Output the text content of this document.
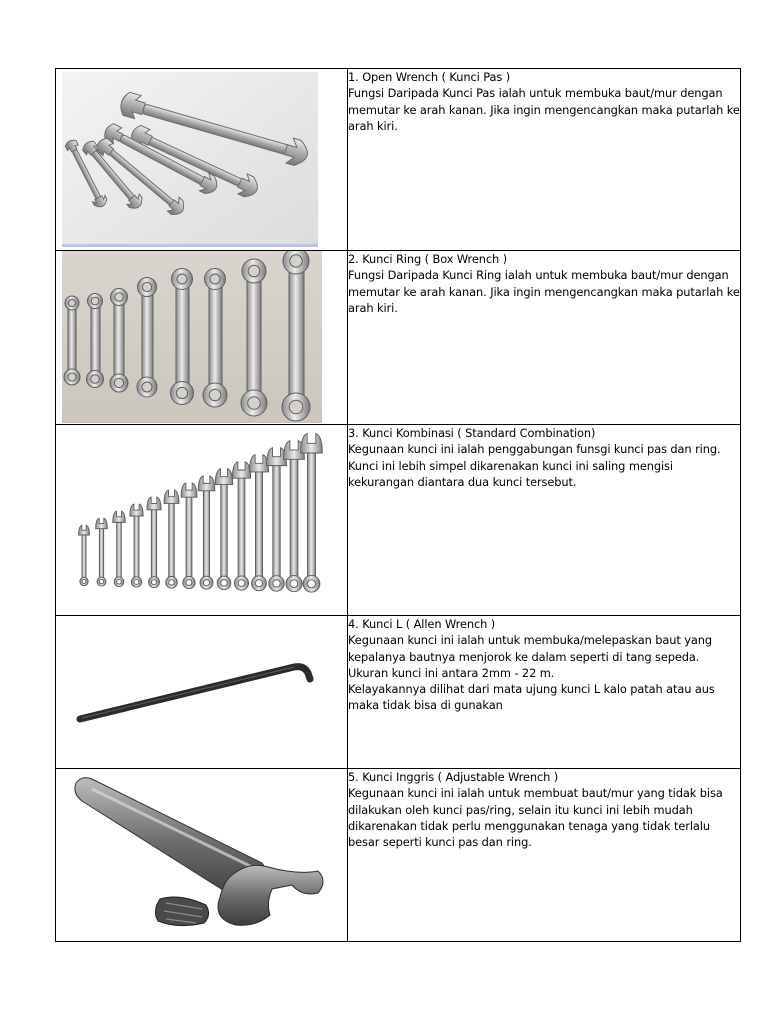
1. Open Wrench ( Kunci Pas )

Fungsi Daripada Kunci Pas ialah untuk membuka baut/mur dengan memutar ke arah kanan. Jika ingin mengencangkan maka putarlah ke arah kiri.

2. Kunci Ring ( Box Wrench )

Fungsi Daripada Kunci Ring ialah untuk membuka baut/mur dengan memutar ke arah kanan. Jika ingin mengencangkan maka putarlah ke arah kiri.

3. Kunci Kombinasi ( Standard Combination)

Kegunaan kunci ini ialah penggabungan funsgi kunci pas dan ring. Kunci ini lebih simpel dikarenakan kunci ini saling mengisi kekurangan diantara dua kunci tersebut.

4. Kunci L ( Allen Wrench )

Kegunaan kunci ini ialah untuk membuka/melepaskan baut yang kepalanya bautnya menjorok ke dalam seperti di tang sepeda.

Ukuran kunci ini antara 2mm - 22 m.

Kelayakannya dilihat dari mata ujung kunci L kalo patah atau aus maka tidak bisa di gunakan

5. Kunci Inggris ( Adjustable Wrench )

Kegunaan kunci ini ialah untuk membuat baut/mur yang tidak bisa dilakukan oleh kunci pas/ring, selain itu kunci ini lebih mudah dikarenakan tidak perlu menggunakan tenaga yang tidak terlalu besar seperti kunci pas dan ring.
